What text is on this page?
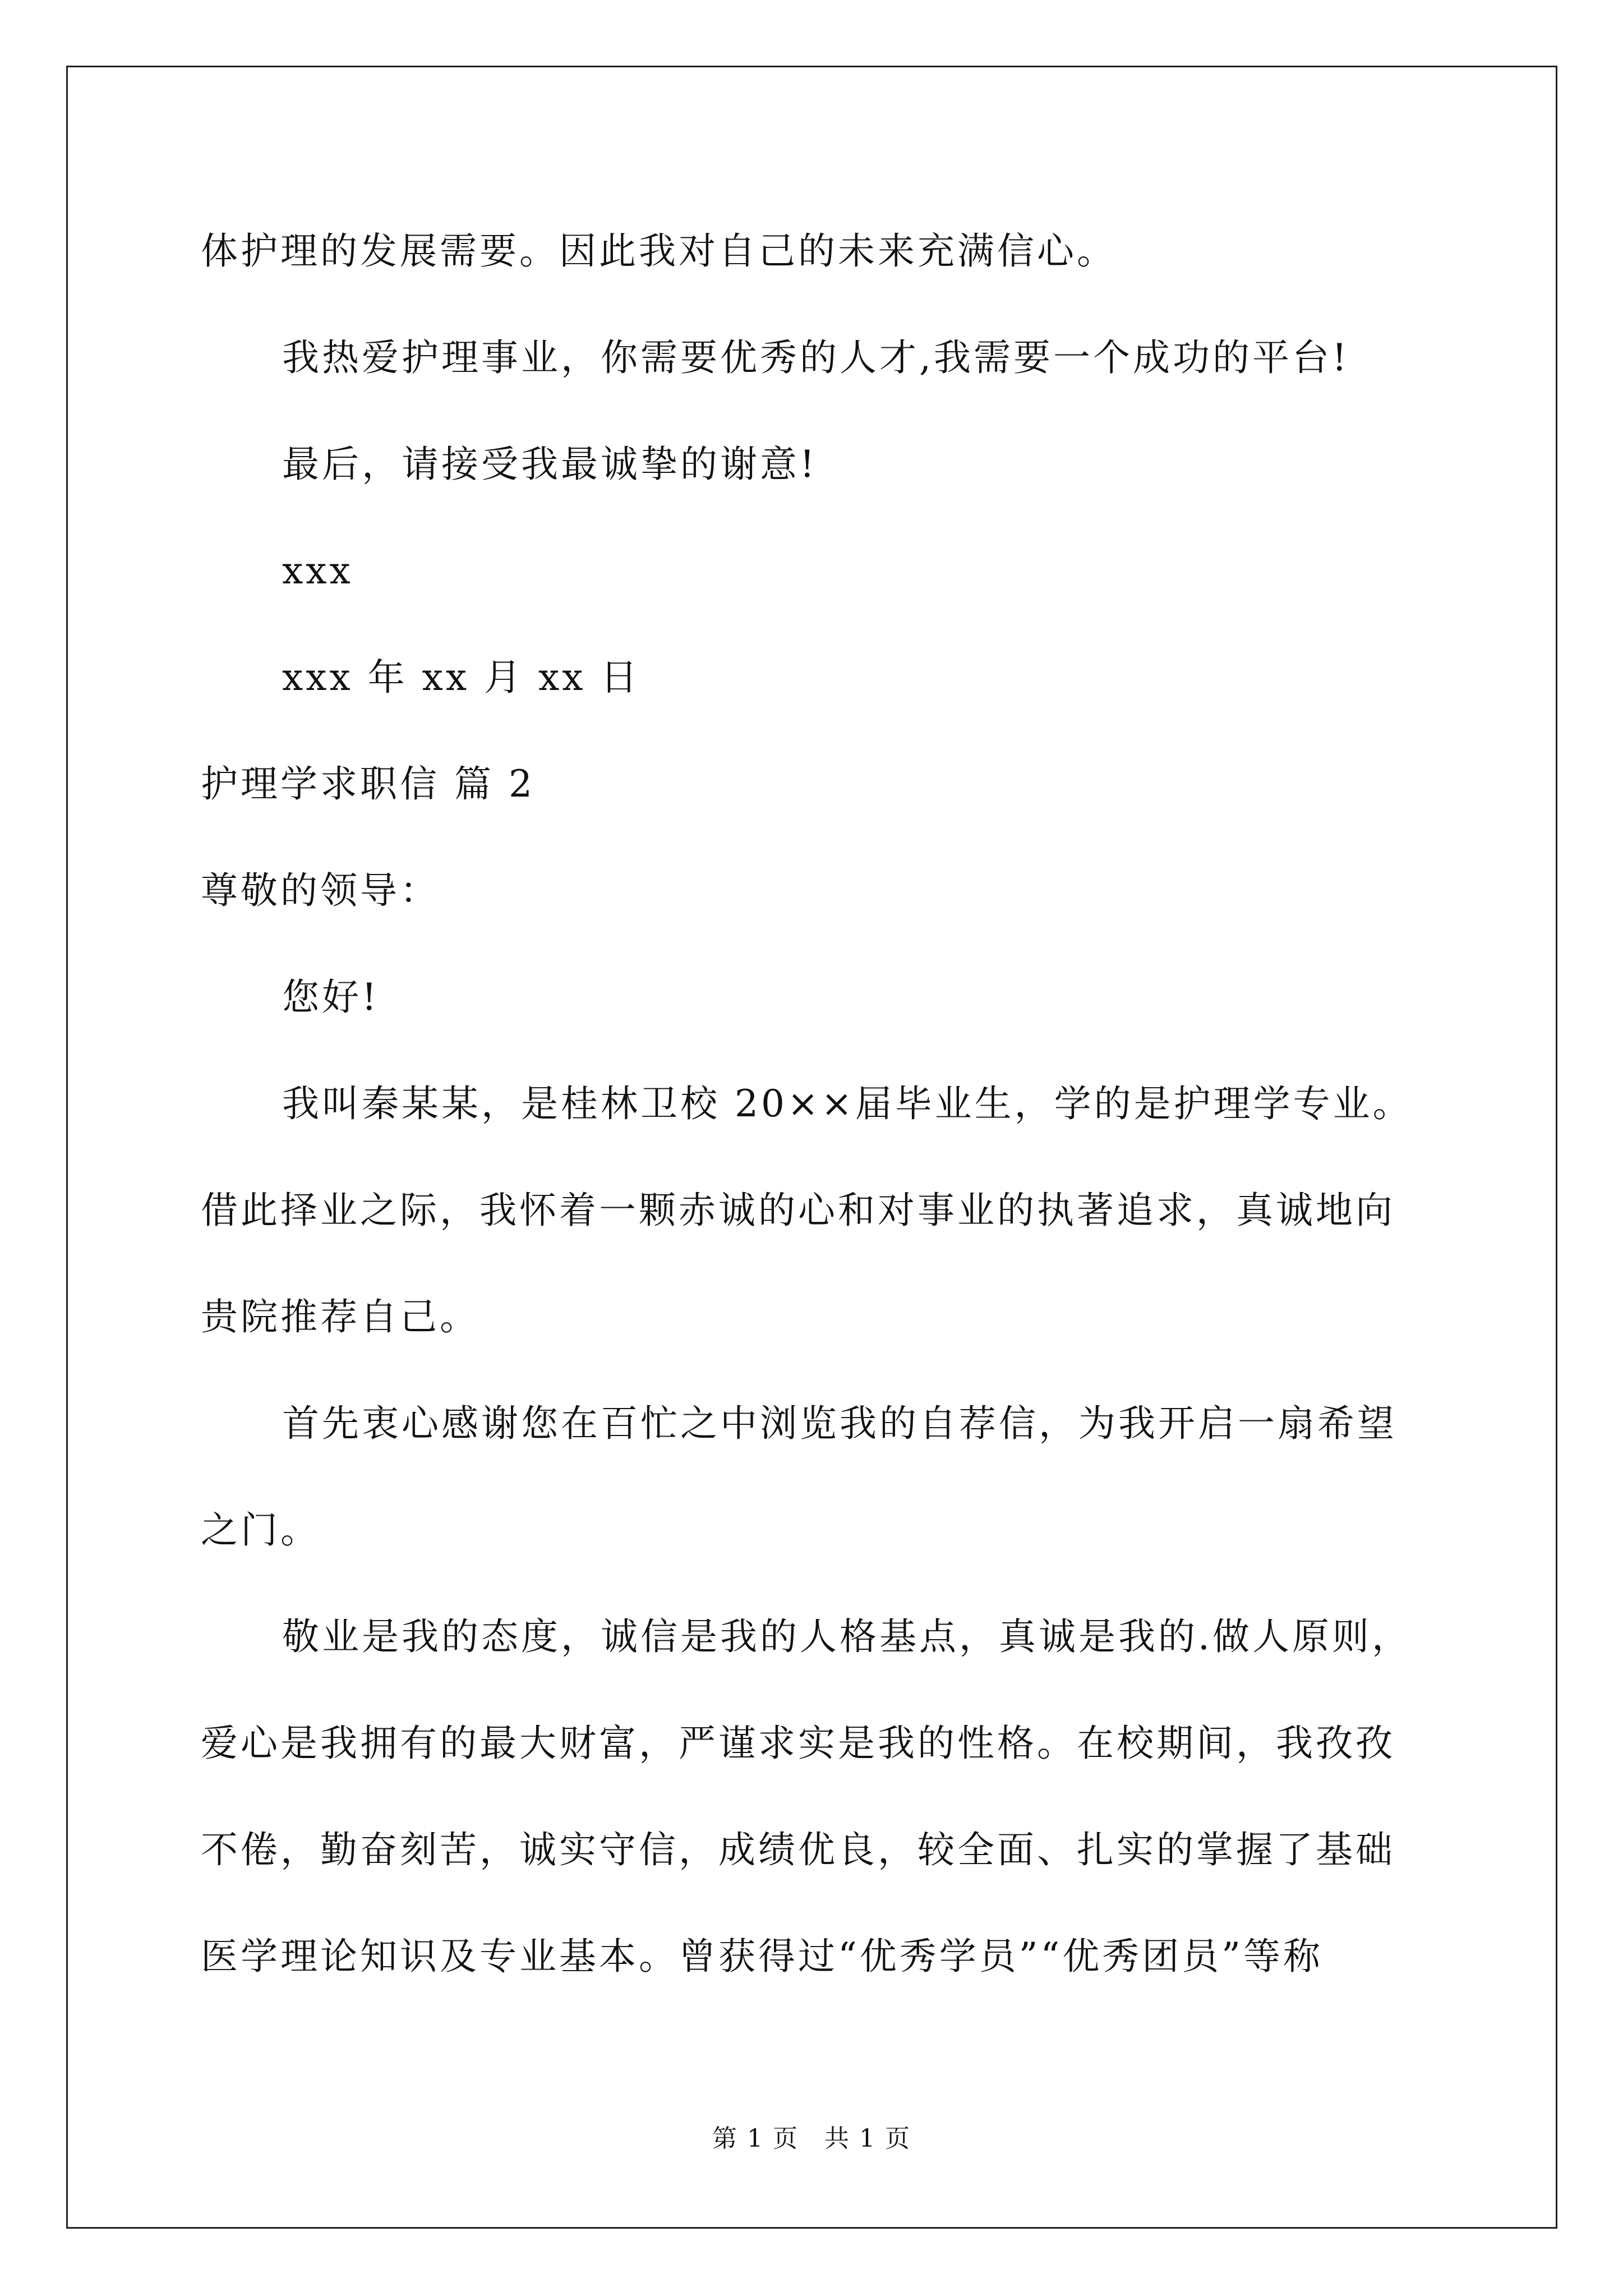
体护理的发展需要。因此我对自己的未来充满信心。
我热爱护理事业，你需要优秀的人才,我需要一个成功的平台!
最后，请接受我最诚挚的谢意!
xxx
xxx 年 xx 月 xx 日
护理学求职信 篇 2
尊敬的领导：
您好!
我叫秦某某，是桂林卫校 20××届毕业生，学的是护理学专业。
借此择业之际，我怀着一颗赤诚的心和对事业的执著追求，真诚地向
贵院推荐自己。
首先衷心感谢您在百忙之中浏览我的自荐信，为我开启一扇希望
之门。
敬业是我的态度，诚信是我的人格基点，真诚是我的.做人原则，
爱心是我拥有的最大财富，严谨求实是我的性格。在校期间，我孜孜
不倦，勤奋刻苦，诚实守信，成绩优良，较全面、扎实的掌握了基础
医学理论知识及专业基本。曾获得过“优秀学员”“优秀团员”等称
第 1 页　共 1 页
